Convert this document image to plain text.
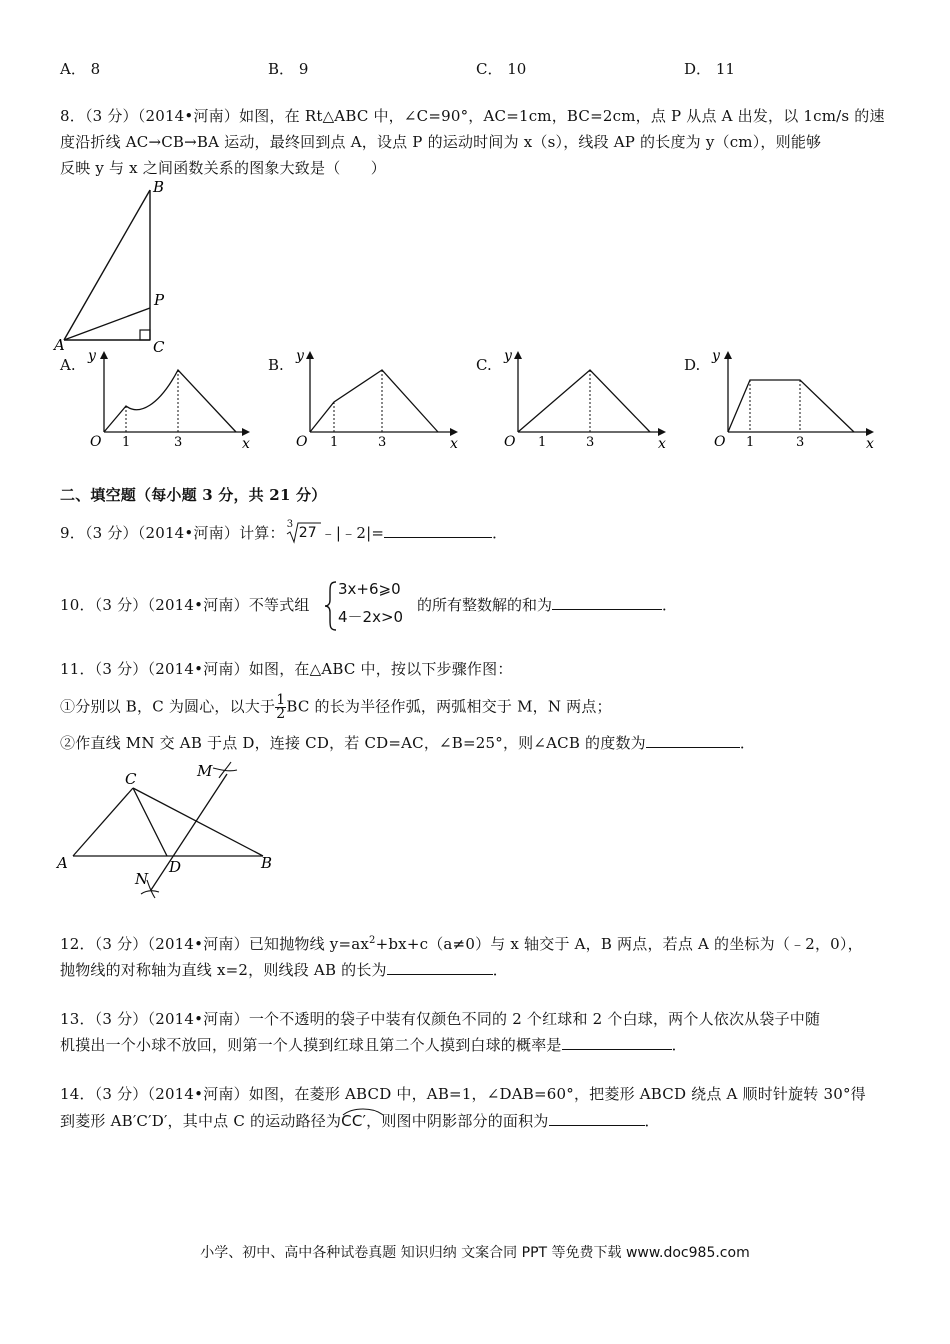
A． 8	B． 9	C． 10	D． 11
8．（3 分）（2014•河南）如图，在 Rt△ABC 中，∠C=90°，AC=1cm，BC=2cm，点 P 从点 A 出发，以 1cm/s 的速
度沿折线 AC→CB→BA 运动，最终回到点 A，设点 P 的运动时间为 x（s），线段 AP 的长度为 y（cm），则能够
反映 y 与 x 之间函数关系的图象大致是（　　）
B
P
C
A
A.	B.	C.	D.
y
O 1	3	x
y
O 1	3	x
y
O 1	3	x
y
O 1	3	x
二、填空题（每小题 3 分，共 21 分）
9．（3 分）（2014•河南）计算： 3
27 ﹣|﹣2|=	．
10．（3 分）（2014•河南）不等式组
3x+6⩾0
4－2x>0
的所有整数解的和为	．
11．（3 分）（2014•河南）如图，在△ABC 中，按以下步骤作图：
①分别以 B，C 为圆心，以大于 $\frac{1}{2}$ BC 的长为半径作弧，两弧相交于 M，N 两点；
②作直线 MN 交 AB 于点 D，连接 CD，若 CD=AC，∠B=25°，则∠ACB 的度数为	．
C
A	B
D
M
N
12．（3 分）（2014•河南）已知抛物线 $y=ax^2+bx+c(a\ne 0)$与 x 轴交于 A，B 两点，若点 A 的坐标为（﹣2，0），
抛物线的对称轴为直线 x=2，则线段 AB 的长为	．
13．（3 分）（2014•河南）一个不透明的袋子中装有仅颜色不同的 2 个红球和 2 个白球，两个人依次从袋子中随
机摸出一个小球不放回，则第一个人摸到红球且第二个人摸到白球的概率是	．
14．（3 分）（2014•河南）如图，在菱形 ABCD 中，AB=1，∠DAB=60°，把菱形 ABCD 绕点 A 顺时针旋转 30°得
到菱形 AB′C′D′，其中点 C 的运动路径为
CC′，则图中阴影部分的面积为	．
小学、初中、高中各种试卷真题 知识归纳 文案合同 PPT 等免费下载 www.doc985.com
